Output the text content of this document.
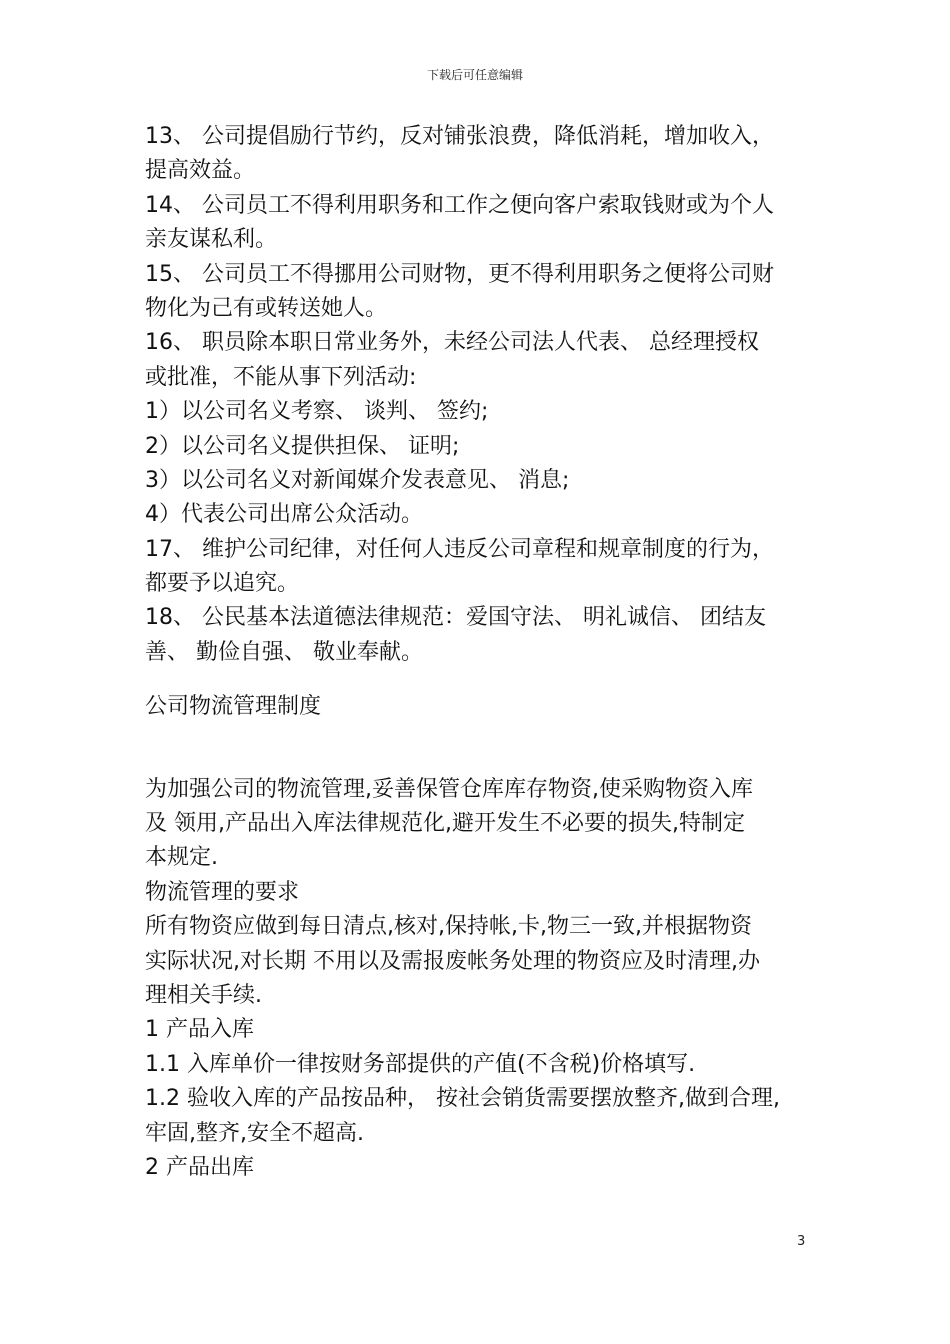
下载后可任意编辑
13、 公司提倡励行节约，反对铺张浪费，降低消耗，增加收入，
提高效益。
14、 公司员工不得利用职务和工作之便向客户索取钱财或为个人
亲友谋私利。
15、 公司员工不得挪用公司财物，更不得利用职务之便将公司财
物化为己有或转送她人。
16、 职员除本职日常业务外，未经公司法人代表、 总经理授权
或批准，不能从事下列活动:
1）以公司名义考察、 谈判、 签约;
2）以公司名义提供担保、 证明;
3）以公司名义对新闻媒介发表意见、 消息;
4）代表公司出席公众活动。
17、 维护公司纪律，对任何人违反公司章程和规章制度的行为，
都要予以追究。
18、 公民基本法道德法律规范：爱国守法、 明礼诚信、 团结友
善、 勤俭自强、 敬业奉献。
公司物流管理制度
为加强公司的物流管理,妥善保管仓库库存物资,使采购物资入库
及 领用,产品出入库法律规范化,避开发生不必要的损失,特制定
本规定.
物流管理的要求
所有物资应做到每日清点,核对,保持帐,卡,物三一致,并根据物资
实际状况,对长期 不用以及需报废帐务处理的物资应及时清理,办
理相关手续.
1 产品入库
1.1 入库单价一律按财务部提供的产值(不含税)价格填写.
1.2 验收入库的产品按品种， 按社会销货需要摆放整齐,做到合理,
牢固,整齐,安全不超高.
2 产品出库
3
